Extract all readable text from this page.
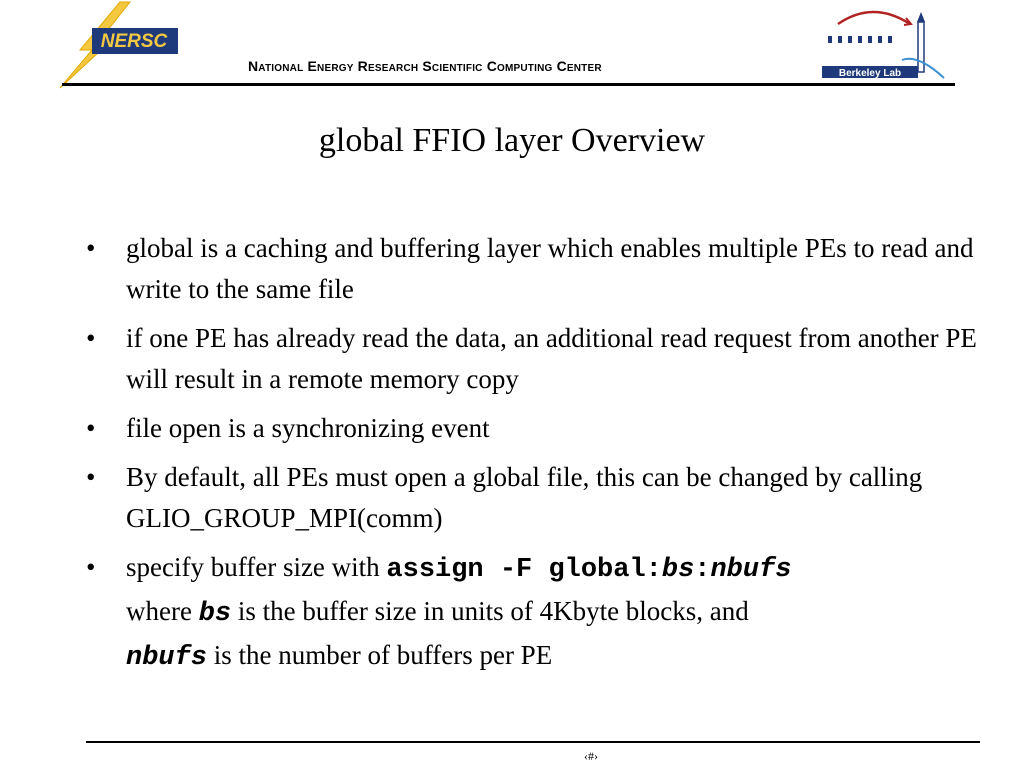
NERSC
National Energy Research Scientific Computing Center	Berkeley Lab
global FFIO layer Overview
• global is a caching and buffering layer which enables multiple PEs to read and write to the same file
• if one PE has already read the data, an additional read request from another PE will result in a remote memory copy
• file open is a synchronizing event
• By default, all PEs must open a global file, this can be changed by calling GLIO_GROUP_MPI(comm)
• specify buffer size with assign -F global:bs:nbufs
where bs is the buffer size in units of 4Kbyte blocks, and
nbufs is the number of buffers per PE
‹#›
